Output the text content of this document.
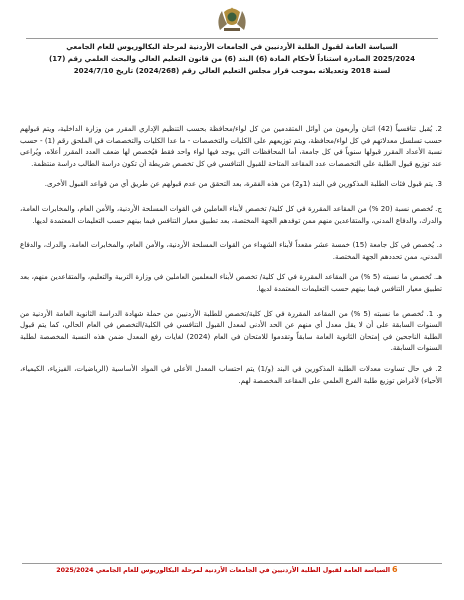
السياسة العامة لقبول الطلبة الأردنيين في الجامعات الأردنية لمرحلة البكالوريوس للعام الجامعي
2025/2024 الصادرة استناداً لأحكام المادة (6) البند (6) من قانون التعليم العالي والبحث العلمي رقم (17)
لسنة 2018 وتعديلاته بموجب قرار مجلس التعليم العالي رقم (2024/268) تاريخ 2024/7/10
2. يُقبل تنافسياً (42) اثنان وأربعون من أوائل المتقدمين من كل لواء/محافظة بحسب التنظيم الإداري المقرر من وزارة الداخلية، ويتم قبولهم حسب تسلسل معدلاتهم في كل لواء/محافظة، ويتم توزيعهم على الكليات والتخصصات - ما عدا الكليات والتخصصات في الملحق رقم (1) - حسب نسبة الأعداد المقرر قبولها سنوياً في كل جامعة، أما المحافظات التي يوجد فيها لواء واحد فقط فيُخصص لها ضعف العدد المقرر أعلاه، ويُراعى عند توزيع قبول الطلبة على التخصصات عدد المقاعد المتاحة للقبول التنافسي في كل تخصص شريطة أن تكون دراسة الطالب دراسة منتظمة.
3. يتم قبول فئات الطلبة المذكورين في البند (1و2) من هذه الفقرة، بعد التحقق من عدم قبولهم عن طريق أي من قواعد القبول الأخرى.
ج. تُخصص نسبة (20 %) من المقاعد المقررة في كل كلية/ تخصص لأبناء العاملين في القوات المسلحة الأردنية، والأمن العام، والمخابرات العامة، والدرك، والدفاع المدني، والمتقاعدين منهم ممن توفدهم الجهة المختصة، بعد تطبيق معيار التنافس فيما بينهم حسب التعليمات المعتمدة لديها.
د. يُخصص في كل جامعة (15) خمسة عشر مقعداً لأبناء الشهداء من القوات المسلحة الأردنية، والأمن العام، والمخابرات العامة، والدرك، والدفاع المدني، ممن تحددهم الجهة المختصة.
هـ. تُخصص ما نسبته (5 %) من المقاعد المقررة في كل كلية/ تخصص لأبناء المعلمين العاملين في وزارة التربية والتعليم، والمتقاعدين منهم، بعد تطبيق معيار التنافس فيما بينهم حسب التعليمات المعتمدة لديها.
و. 1. تُخصص ما نسبته (5 %) من المقاعد المقررة في كل كلية/تخصص للطلبة الأردنيين من حملة شهادة الدراسة الثانوية العامة الأردنية من السنوات السابقة على أن لا يقل معدل أي منهم عن الحد الأدنى لمعدل القبول التنافسي في الكلية/التخصص في العام الحالي، كما يتم قبول الطلبة الناجحين في إمتحان الثانوية العامة سابقاً وتقدموا للامتحان في العام (2024) لغايات رفع المعدل ضمن هذه النسبة المخصصة لطلبة السنوات السابقة.
2. في حال تساوت معدلات الطلبة المذكورين في البند (و/1) يتم احتساب المعدل الأعلى في المواد الأساسية (الرياضيات، الفيزياء، الكيمياء، الأحياء) لأغراض توزيع طلبة الفرع العلمي على المقاعد المخصصة لهم.
السياسة العامة لقبول الطلبة الأردنيين في الجامعات الأردنية لمرحلة البكالوريوس للعام الجامعي 2025/2024 6
